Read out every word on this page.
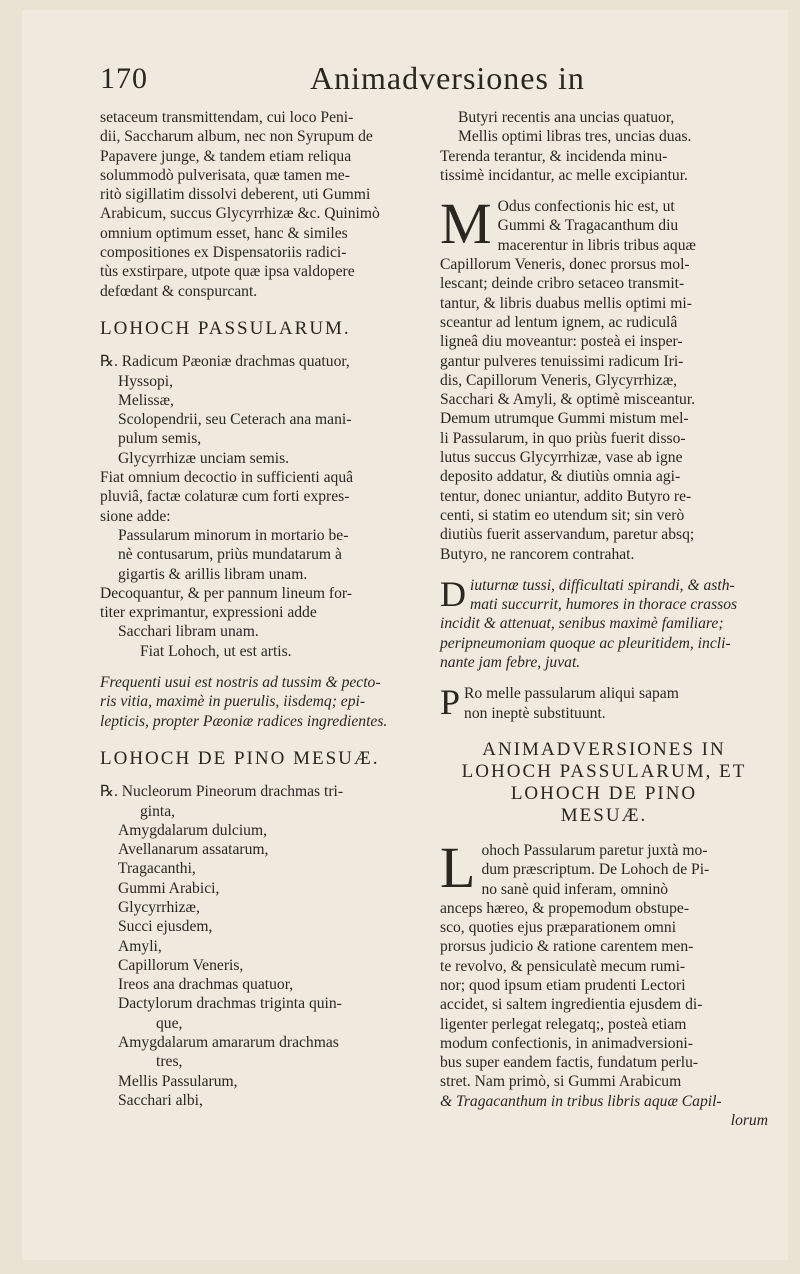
170	Animadversiones in
setaceum transmittendam, cui loco Peni-
dii, Saccharum album, nec non Syrupum de
Papavere junge, & tandem etiam reliqua
solummodò pulverisata, quæ tamen me-
ritò sigillatim dissolvi deberent, uti Gummi
Arabicum, succus Glycyrrhizæ &c. Quinimò
omnium optimum esset, hanc & similes
compositiones ex Dispensatoriis radici-
tùs exstirpare, utpote quæ ipsa valdopere
defœdant & conspurcant.
LOHOCH PASSULARUM.
℞. Radicum Pæoniæ drachmas quatuor,
Hyssopi,
Melissæ,
Scolopendrii, seu Ceterach ana mani-
pulum semis,
Glycyrrhizæ unciam semis.
Fiat omnium decoctio in sufficienti aquâ
pluviâ, factæ colaturæ cum forti expres-
sione adde:
Passularum minorum in mortario be-
nè contusarum, priùs mundatarum à
gigartis & arillis libram unam.
Decoquantur, & per pannum lineum for-
titer exprimantur, expressioni adde
Sacchari libram unam.
Fiat Lohoch, ut est artis.
Frequenti usui est nostris ad tussim & pecto-
ris vitia, maximè in puerulis, iisdemq; epi-
lepticis, propter Pæoniæ radices ingredientes.
LOHOCH DE PINO MESUÆ.
℞. Nucleorum Pineorum drachmas tri-
ginta,
Amygdalarum dulcium,
Avellanarum assatarum,
Tragacanthi,
Gummi Arabici,
Glycyrrhizæ,
Succi ejusdem,
Amyli,
Capillorum Veneris,
Ireos ana drachmas quatuor,
Dactylorum drachmas triginta quin-
que,
Amygdalarum amararum drachmas
tres,
Mellis Passularum,
Sacchari albi,
Butyri recentis ana uncias quatuor,
Mellis optimi libras tres, uncias duas.
Terenda terantur, & incidenda minu-
tissimè incidantur, ac melle excipiantur.
M Odus confectionis hic est, ut
Gummi & Tragacanthum diu
macerentur in libris tribus aquæ
Capillorum Veneris, donec prorsus mol-
lescant; deinde cribro setaceo transmit-
tantur, & libris duabus mellis optimi mi-
sceantur ad lentum ignem, ac rudiculâ
ligneâ diu moveantur: posteà ei insper-
gantur pulveres tenuissimi radicum Iri-
dis, Capillorum Veneris, Glycyrrhizæ,
Sacchari & Amyli, & optimè misceantur.
Demum utrumque Gummi mistum mel-
li Passularum, in quo priùs fuerit disso-
lutus succus Glycyrrhizæ, vase ab igne
deposito addatur, & diutiùs omnia agi-
tentur, donec uniantur, addito Butyro re-
centi, si statim eo utendum sit; sin verò
diutiùs fuerit asservandum, paretur absq;
Butyro, ne rancorem contrahat.
D iuturnæ tussi, difficultati spirandi, & asth-
mati succurrit, humores in thorace crassos
incidit & attenuat, senibus maximè familiare;
peripneumoniam quoque ac pleuritidem, incli-
nante jam febre, juvat.
P Ro melle passularum aliqui sapam
non ineptè substituunt.
ANIMADVERSIONES IN
LOHOCH PASSULARUM, ET
LOHOCH DE PINO
MESUÆ.
L ohoch Passularum paretur juxtà mo-
dum præscriptum. De Lohoch de Pi-
no sanè quid inferam, omninò
anceps hæreo, & propemodum obstupe-
sco, quoties ejus præparationem omni
prorsus judicio & ratione carentem men-
te revolvo, & pensiculatè mecum rumi-
nor; quod ipsum etiam prudenti Lectori
accidet, si saltem ingredientia ejusdem di-
ligenter perlegat relegatq;, posteà etiam
modum confectionis, in animadversioni-
bus super eandem factis, fundatum perlu-
stret. Nam primò, si Gummi Arabicum
& Tragacanthum in tribus libris aquæ Capil-
lorum
